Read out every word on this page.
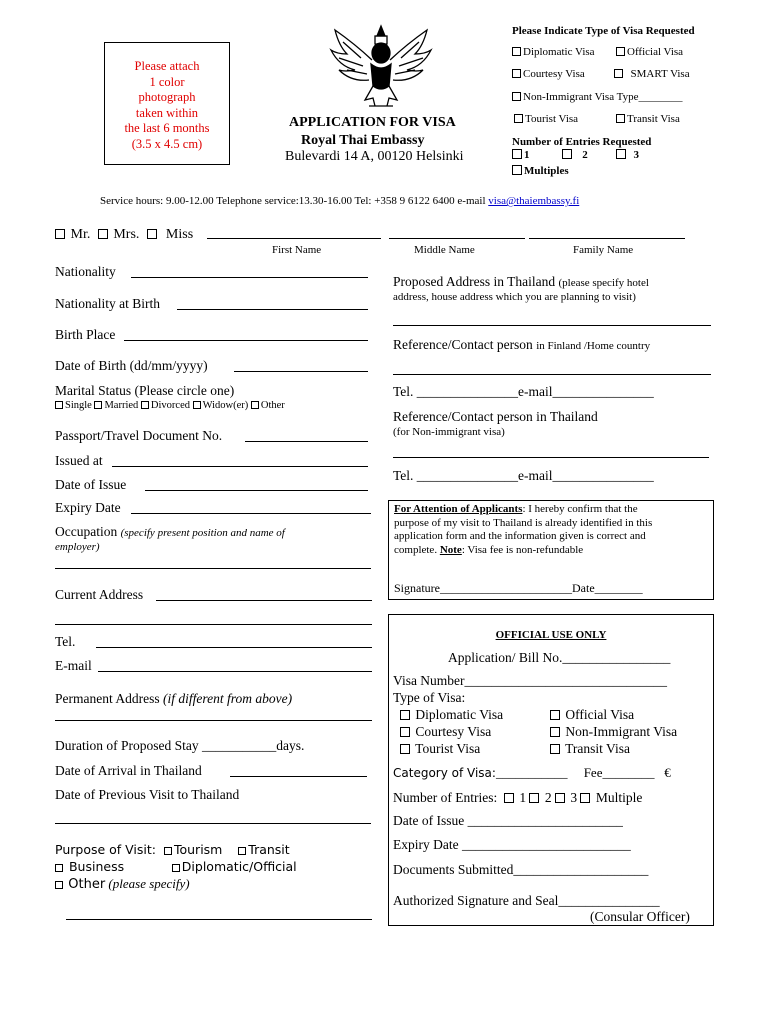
Please attach
1 color
photograph
taken within
the last 6 months
(3.5 x 4.5 cm)
APPLICATION FOR VISA
Royal Thai Embassy
Bulevardi 14 A, 00120 Helsinki
Please Indicate Type of Visa Requested
Diplomatic Visa	Official Visa
Courtesy Visa	SMART Visa
Non-Immigrant Visa Type________
Tourist Visa	Transit Visa
Number of Entries Requested
1	2	3
Multiples
Service hours: 9.00-12.00 Telephone service:13.30-16.00 Tel: +358 9 6122 6400 e-mail visa@thaiembassy.fi
Mr. Mrs. Miss
First Name	Middle Name	Family Name
Nationality
Nationality at Birth
Birth Place
Date of Birth (dd/mm/yyyy)
Marital Status (Please circle one)
Single Married Divorced Widow(er) Other
Passport/Travel Document No.
Issued at
Date of Issue
Expiry Date
Occupation (specify present position and name of
employer)
Current Address
Tel.
E-mail
Permanent Address (if different from above)
Duration of Proposed Stay ___________days.
Date of Arrival in Thailand
Date of Previous Visit to Thailand
Purpose of Visit: Tourism Transit
Business	Diplomatic/Official
Other (please specify)
Proposed Address in Thailand (please specify hotel
address, house address which you are planning to visit)
Reference/Contact person in Finland /Home country
Tel. _______________e-mail_______________
Reference/Contact person in Thailand
(for Non-immigrant visa)
Tel. _______________e-mail_______________
For Attention of Applicants: I hereby confirm that the
purpose of my visit to Thailand is already identified in this
application form and the information given is correct and
complete. Note: Visa fee is non-refundable
Signature______________________Date________
OFFICIAL USE ONLY
Application/ Bill No.________________
Visa Number______________________________
Type of Visa:
Diplomatic Visa	Official Visa
Courtesy Visa	Non-Immigrant Visa
Tourist Visa	Transit Visa
Category of Visa:___________ Fee________ €
Number of Entries: 1 2 3 Multiple
Date of Issue _______________________
Expiry Date _________________________
Documents Submitted____________________
Authorized Signature and Seal_______________
(Consular Officer)
